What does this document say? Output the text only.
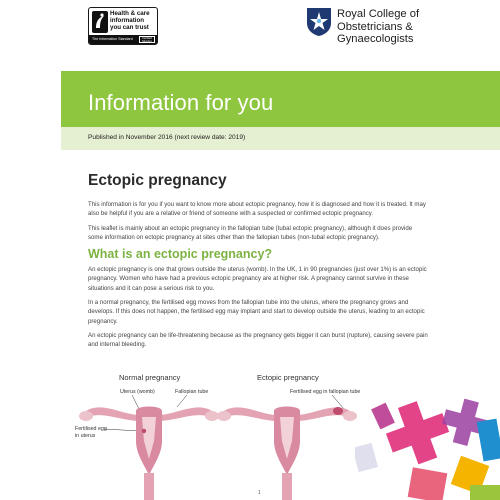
Health & care
information
you can trust
The Information Standard	Certified Member
Royal College of
Obstetricians &
Gynaecologists
Information for you
Published in November 2016 (next review date: 2019)
Ectopic pregnancy

This information is for you if you want to know more about ectopic pregnancy, how it is diagnosed and how it is treated. It may also be helpful if you are a relative or friend of someone with a suspected or confirmed ectopic pregnancy.

This leaflet is mainly about an ectopic pregnancy in the fallopian tube (tubal ectopic pregnancy), although it does provide some information on ectopic pregnancy at sites other than the fallopian tubes (non-tubal ectopic pregnancy).

What is an ectopic pregnancy?

An ectopic pregnancy is one that grows outside the uterus (womb). In the UK, 1 in 90 pregnancies (just over 1%) is an ectopic pregnancy. Women who have had a previous ectopic pregnancy are at higher risk. A pregnancy cannot survive in these situations and it can pose a serious risk to you.

In a normal pregnancy, the fertilised egg moves from the fallopian tube into the uterus, where the pregnancy grows and develops. If this does not happen, the fertilised egg may implant and start to develop outside the uterus, leading to an ectopic pregnancy.

An ectopic pregnancy can be life-threatening because as the pregnancy gets bigger it can burst (rupture), causing severe pain and internal bleeding.

Normal pregnancy
Uterus (womb)	Fallopian tube
Fertilised egg
in uterus
Ectopic pregnancy
Fertilised egg in fallopian tube
1
